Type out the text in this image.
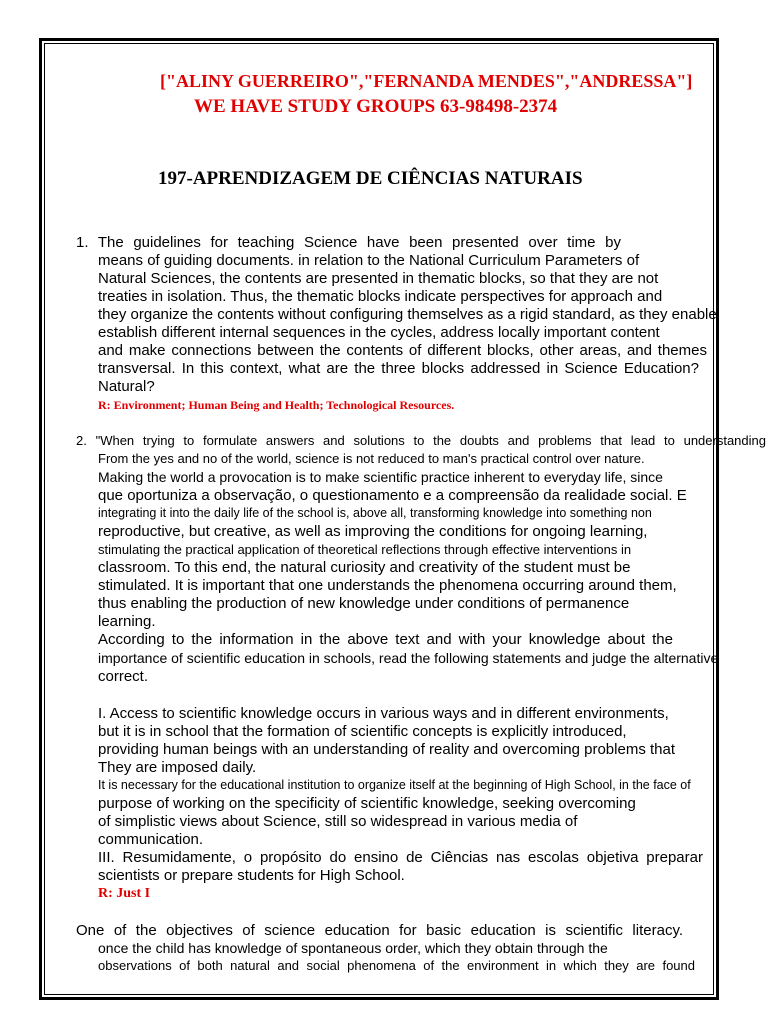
["ALINY GUERREIRO","FERNANDA MENDES","ANDRESSA"]
WE HAVE STUDY GROUPS 63-98498-2374
197-APRENDIZAGEM DE CIÊNCIAS NATURAIS
1. The guidelines for teaching Science have been presented over time by
means of guiding documents. in relation to the National Curriculum Parameters of
Natural Sciences, the contents are presented in thematic blocks, so that they are not
treaties in isolation. Thus, the thematic blocks indicate perspectives for approach and
they organize the contents without configuring themselves as a rigid standard, as they enable
establish different internal sequences in the cycles, address locally important content
and make connections between the contents of different blocks, other areas, and themes
transversal. In this context, what are the three blocks addressed in Science Education?
Natural?
R: Environment; Human Being and Health; Technological Resources.
2. "When trying to formulate answers and solutions to the doubts and problems that lead to understanding
From the yes and no of the world, science is not reduced to man's practical control over nature.
Making the world a provocation is to make scientific practice inherent to everyday life, since
que oportuniza a observação, o questionamento e a compreensão da realidade social. E
integrating it into the daily life of the school is, above all, transforming knowledge into something non
reproductive, but creative, as well as improving the conditions for ongoing learning,
stimulating the practical application of theoretical reflections through effective interventions in
classroom. To this end, the natural curiosity and creativity of the student must be
stimulated. It is important that one understands the phenomena occurring around them,
thus enabling the production of new knowledge under conditions of permanence
learning.
According to the information in the above text and with your knowledge about the
importance of scientific education in schools, read the following statements and judge the alternative
correct.
I. Access to scientific knowledge occurs in various ways and in different environments,
but it is in school that the formation of scientific concepts is explicitly introduced,
providing human beings with an understanding of reality and overcoming problems that
They are imposed daily.
It is necessary for the educational institution to organize itself at the beginning of High School, in the face of
purpose of working on the specificity of scientific knowledge, seeking overcoming
of simplistic views about Science, still so widespread in various media of
communication.
III. Resumidamente, o propósito do ensino de Ciências nas escolas objetiva preparar
scientists or prepare students for High School.
R: Just I
One of the objectives of science education for basic education is scientific literacy.
once the child has knowledge of spontaneous order, which they obtain through the
observations of both natural and social phenomena of the environment in which they are found
